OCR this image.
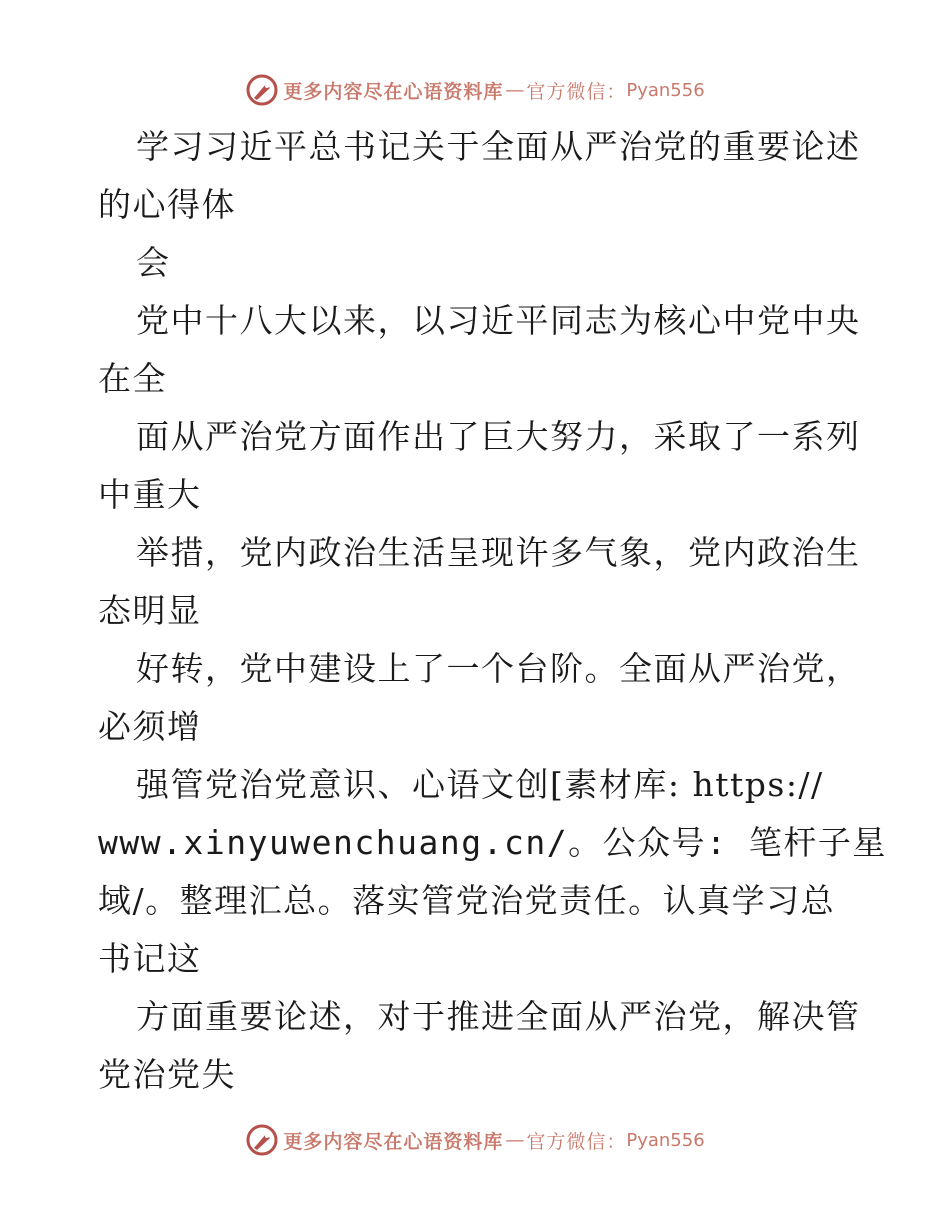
更多内容尽在心语资料库 — 官方微信： Pyan556
学习习近平总书记关于全面从严治党的重要论述
的心得体
会
党中十八大以来，以习近平同志为核心中党中央
在全
面从严治党方面作出了巨大努力，采取了一系列
中重大
举措，党内政治生活呈现许多气象，党内政治生
态明显
好转，党中建设上了一个台阶。全面从严治党，
必须增
强管党治党意识、心语文创[素材库: https://
www.xinyuwenchuang.cn/。公众号: 笔杆子星
域/。整理汇总。落实管党治党责任。认真学习总
书记这
方面重要论述，对于推进全面从严治党，解决管
党治党失
更多内容尽在心语资料库 — 官方微信： Pyan556
